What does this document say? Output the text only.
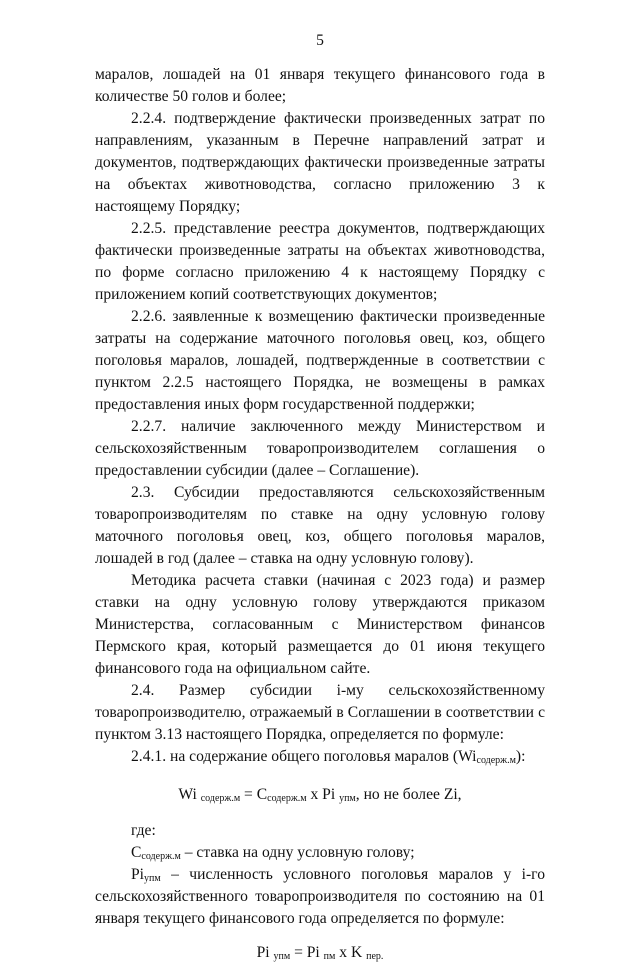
5

маралов, лошадей на 01 января текущего финансового года в количестве 50 голов и более;

2.2.4. подтверждение фактически произведенных затрат по направлениям, указанным в Перечне направлений затрат и документов, подтверждающих фактически произведенные затраты на объектах животноводства, согласно приложению 3 к настоящему Порядку;

2.2.5. представление реестра документов, подтверждающих фактически произведенные затраты на объектах животноводства, по форме согласно приложению 4 к настоящему Порядку с приложением копий соответствующих документов;

2.2.6. заявленные к возмещению фактически произведенные затраты на содержание маточного поголовья овец, коз, общего поголовья маралов, лошадей, подтвержденные в соответствии с пунктом 2.2.5 настоящего Порядка, не возмещены в рамках предоставления иных форм государственной поддержки;

2.2.7. наличие заключенного между Министерством и сельскохозяйственным товаропроизводителем соглашения о предоставлении субсидии (далее – Соглашение).

2.3. Субсидии предоставляются сельскохозяйственным товаропроизводителям по ставке на одну условную голову маточного поголовья овец, коз, общего поголовья маралов, лошадей в год (далее – ставка на одну условную голову).

Методика расчета ставки (начиная с 2023 года) и размер ставки на одну условную голову утверждаются приказом Министерства, согласованным с Министерством финансов Пермского края, который размещается до 01 июня текущего финансового года на официальном сайте.

2.4. Размер субсидии i-му сельскохозяйственному товаропроизводителю, отражаемый в Соглашении в соответствии с пунктом 3.13 настоящего Порядка, определяется по формуле:

2.4.1. на содержание общего поголовья маралов $(Wi_{содерж.м})$:

Wi $_{содерж.м} = С_{содерж.м}$ x Pi $_{упм}$, но не более Zi,

где:

$С_{содерж.м}$ – ставка на одну условную голову;

$Pi_{упм}$ – численность условного поголовья маралов у i-го сельскохозяйственного товаропроизводителя по состоянию на 01 января текущего финансового года определяется по формуле:

Pi $_{упм}$ = Pi $_{пм}$ x K $_{пер.}$
